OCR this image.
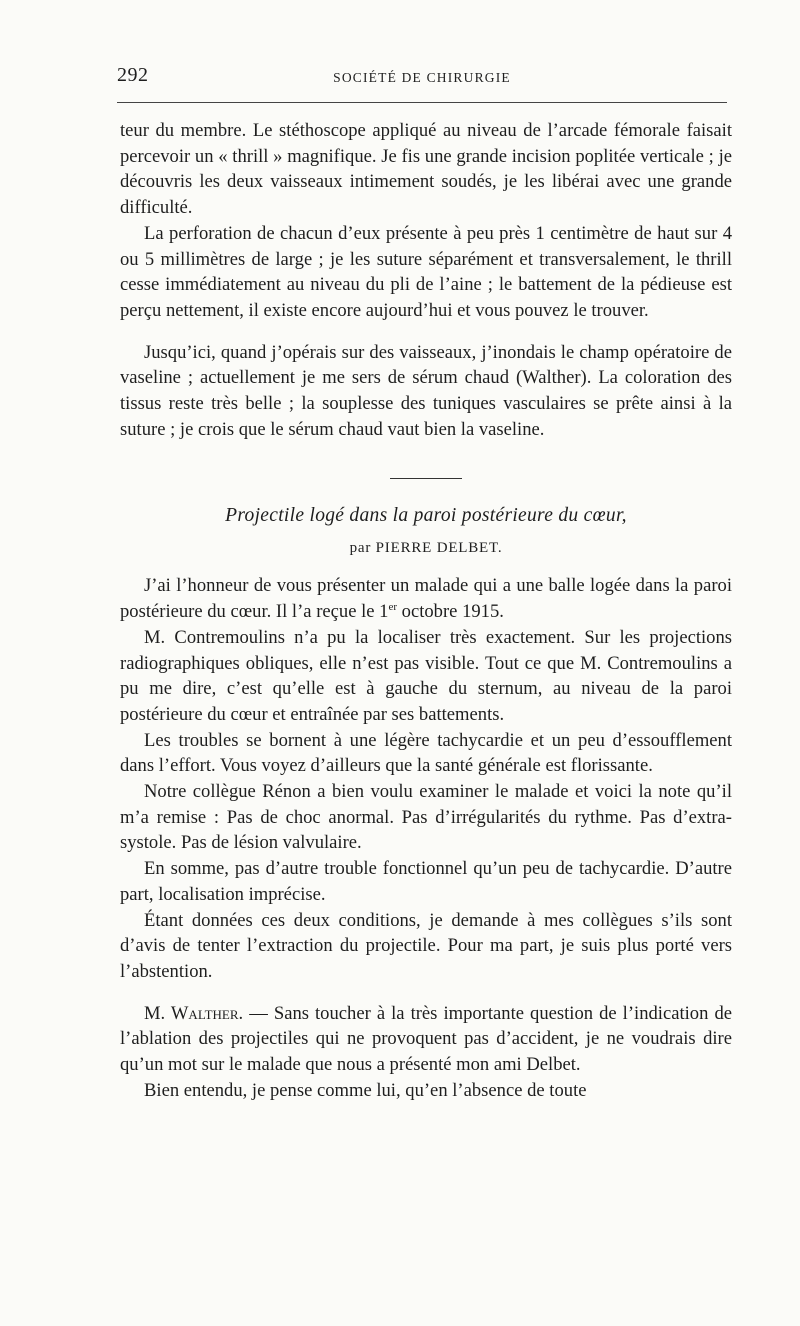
292	SOCIÉTÉ DE CHIRURGIE

teur du membre. Le stéthoscope appliqué au niveau de l’arcade fémorale faisait percevoir un « thrill » magnifique. Je fis une grande incision poplitée verticale ; je découvris les deux vaisseaux intimement soudés, je les libérai avec une grande difficulté.

La perforation de chacun d’eux présente à peu près 1 centimètre de haut sur 4 ou 5 millimètres de large ; je les suture séparément et transversalement, le thrill cesse immédiatement au niveau du pli de l’aine ; le battement de la pédieuse est perçu nettement, il existe encore aujourd’hui et vous pouvez le trouver.

Jusqu’ici, quand j’opérais sur des vaisseaux, j’inondais le champ opératoire de vaseline ; actuellement je me sers de sérum chaud (Walther). La coloration des tissus reste très belle ; la souplesse des tuniques vasculaires se prête ainsi à la suture ; je crois que le sérum chaud vaut bien la vaseline.

Projectile logé dans la paroi postérieure du cœur,
par PIERRE DELBET.

J’ai l’honneur de vous présenter un malade qui a une balle logée dans la paroi postérieure du cœur. Il l’a reçue le 1er octobre 1915.

M. Contremoulins n’a pu la localiser très exactement. Sur les projections radiographiques obliques, elle n’est pas visible. Tout ce que M. Contremoulins a pu me dire, c’est qu’elle est à gauche du sternum, au niveau de la paroi postérieure du cœur et entraînée par ses battements.

Les troubles se bornent à une légère tachycardie et un peu d’essoufflement dans l’effort. Vous voyez d’ailleurs que la santé générale est florissante.

Notre collègue Rénon a bien voulu examiner le malade et voici la note qu’il m’a remise : Pas de choc anormal. Pas d’irrégularités du rythme. Pas d’extra-systole. Pas de lésion valvulaire.

En somme, pas d’autre trouble fonctionnel qu’un peu de tachycardie. D’autre part, localisation imprécise.

Étant données ces deux conditions, je demande à mes collègues s’ils sont d’avis de tenter l’extraction du projectile. Pour ma part, je suis plus porté vers l’abstention.

M. Walther. — Sans toucher à la très importante question de l’indication de l’ablation des projectiles qui ne provoquent pas d’accident, je ne voudrais dire qu’un mot sur le malade que nous a présenté mon ami Delbet.

Bien entendu, je pense comme lui, qu’en l’absence de toute
